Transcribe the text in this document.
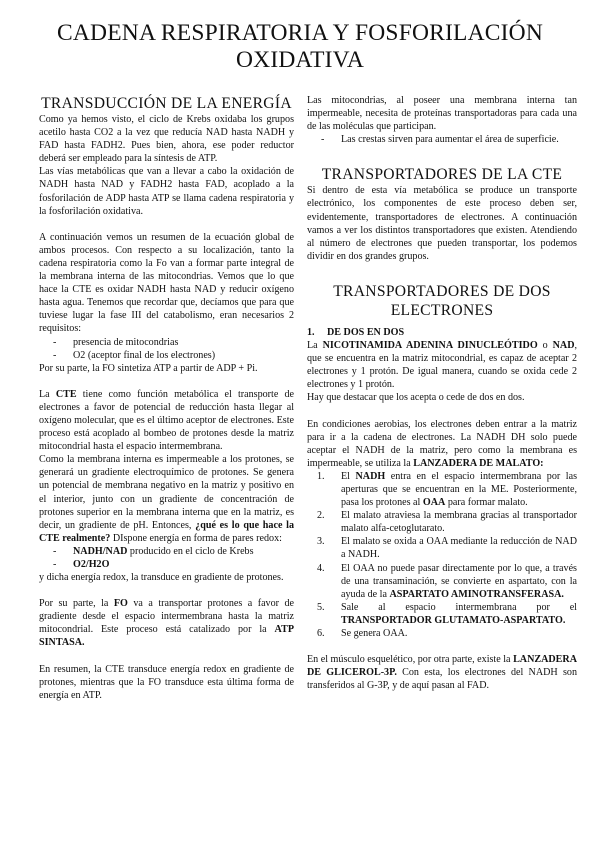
CADENA RESPIRATORIA Y FOSFORILACIÓN OXIDATIVA
TRANSDUCCIÓN DE LA ENERGÍA

Como ya hemos visto, el ciclo de Krebs oxidaba los grupos acetilo hasta CO2 a la vez que reducía NAD hasta NADH y FAD hasta FADH2. Pues bien, ahora, ese poder reductor deberá ser empleado para la síntesis de ATP.

Las vías metabólicas que van a llevar a cabo la oxidación de NADH hasta NAD y FADH2 hasta FAD, acoplado a la fosforilación de ADP hasta ATP se llama cadena respiratoria y la fosforilación oxidativa.

A continuación vemos un resumen de la ecuación global de ambos procesos. Con respecto a su localización, tanto la cadena respiratoria como la Fo van a formar parte integral de la membrana interna de las mitocondrias. Vemos que lo que hace la CTE es oxidar NADH hasta NAD y reducir oxígeno hasta agua. Tenemos que recordar que, decíamos que para que tuviese lugar la fase III del catabolismo, eran necesarios 2 requisitos:

- presencia de mitocondrias
- O2 (aceptor final de los electrones)

Por su parte, la FO sintetiza ATP a partir de ADP + Pi.

La CTE tiene como función metabólica el transporte de electrones a favor de potencial de reducción hasta llegar al oxígeno molecular, que es el último aceptor de electrones. Este proceso está acoplado al bombeo de protones desde la matriz mitocondrial hasta el espacio intermembrana.

Como la membrana interna es impermeable a los protones, se generará un gradiente electroquímico de protones. Se genera un potencial de membrana negativo en la matriz y positivo en el interior, junto con un gradiente de concentración de protones superior en la membrana interna que en la matriz, es decir, un gradiente de pH. Entonces, ¿qué es lo que hace la CTE realmente? DIspone energía en forma de pares redox:

- NADH/NAD producido en el ciclo de Krebs
- O2/H2O

y dicha energía redox, la transduce en gradiente de protones.

Por su parte, la FO va a transportar protones a favor de gradiente desde el espacio intermembrana hasta la matriz mitocondrial. Este proceso está catalizado por la ATP SINTASA.

En resumen, la CTE transduce energía redox en gradiente de protones, mientras que la FO transduce esta última forma de energía en ATP.

Las mitocondrias, al poseer una membrana interna tan impermeable, necesita de proteínas transportadoras para cada una de las moléculas que participan.

- Las crestas sirven para aumentar el área de superficie.
TRANSPORTADORES DE LA CTE

Si dentro de esta vía metabólica se produce un transporte electrónico, los componentes de este proceso deben ser, evidentemente, transportadores de electrones. A continuación vamos a ver los distintos transportadores que existen. Atendiendo al número de electrones que pueden transportar, los podemos dividir en dos grandes grupos.

TRANSPORTADORES DE DOS ELECTRONES
1. DE DOS EN DOS

La NICOTINAMIDA ADENINA DINUCLEÓTIDO o NAD, que se encuentra en la matriz mitocondrial, es capaz de aceptar 2 electrones y 1 protón. De igual manera, cuando se oxida cede 2 electrones y 1 protón.

Hay que destacar que los acepta o cede de dos en dos.

En condiciones aerobias, los electrones deben entrar a la matriz para ir a la cadena de electrones. La NADH DH solo puede aceptar el NADH de la matriz, pero como la membrana es impermeable, se utiliza la LANZADERA DE MALATO:

1. El NADH entra en el espacio intermembrana por las aperturas que se encuentran en la ME. Posteriormente, pasa los protones al OAA para formar malato.
2. El malato atraviesa la membrana gracias al transportador malato alfa-cetoglutarato.
3. El malato se oxida a OAA mediante la reducción de NAD a NADH.
4. El OAA no puede pasar directamente por lo que, a través de una transaminación, se convierte en aspartato, con la ayuda de la ASPARTATO AMINOTRANSFERASA.
5. Sale al espacio intermembrana por el TRANSPORTADOR GLUTAMATO-ASPARTATO.
6. Se genera OAA.

En el músculo esquelético, por otra parte, existe la LANZADERA DE GLICEROL-3P. Con esta, los electrones del NADH son transferidos al G-3P, y de aquí pasan al FAD.
